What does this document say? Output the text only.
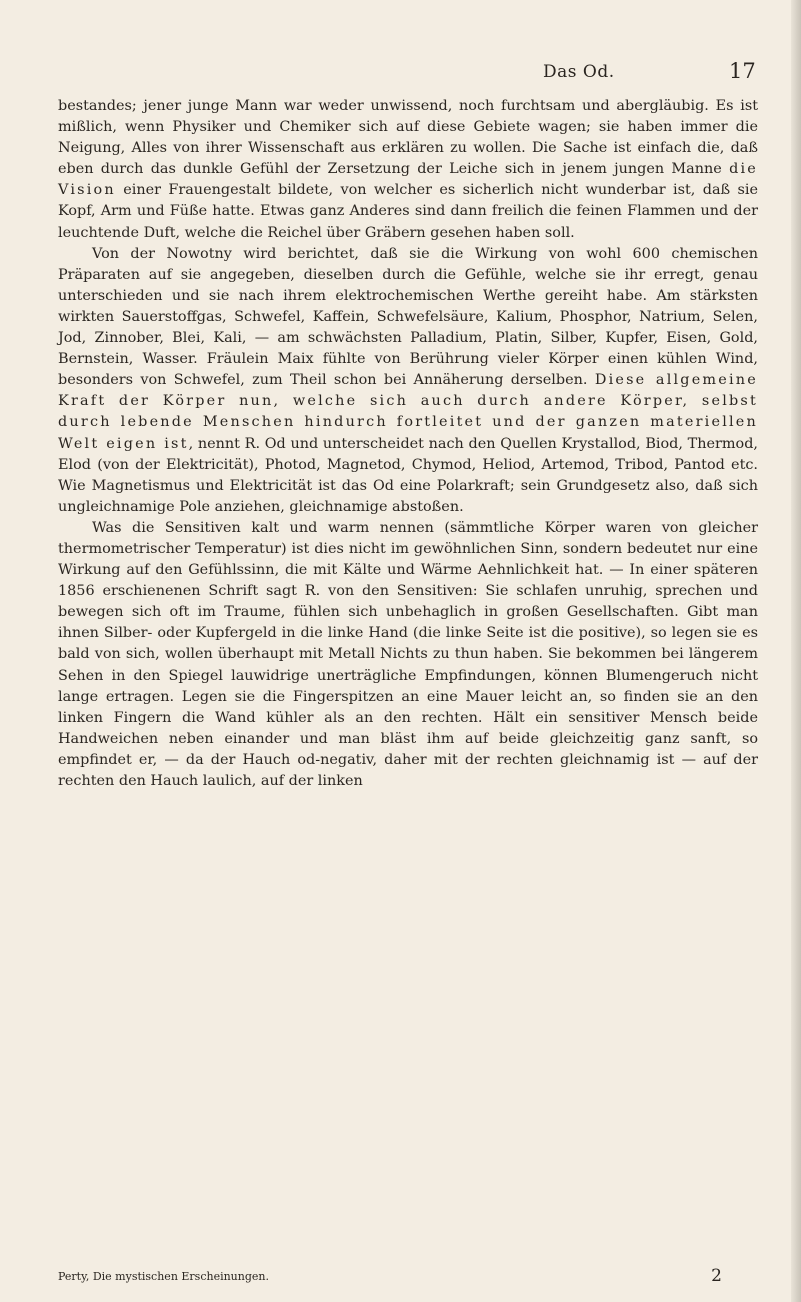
Das Od.	17

bestandes; jener junge Mann war weder unwissend, noch furchtsam und abergläubig. Es ist mißlich, wenn Physiker und Chemiker sich auf diese Gebiete wagen; sie haben immer die Neigung, Alles von ihrer Wissenschaft aus erklären zu wollen. Die Sache ist einfach die, daß eben durch das dunkle Gefühl der Zersetzung der Leiche sich in jenem jungen Manne die Vision einer Frauengestalt bildete, von welcher es sicherlich nicht wunderbar ist, daß sie Kopf, Arm und Füße hatte. Etwas ganz Anderes sind dann freilich die feinen Flammen und der leuchtende Duft, welche die Reichel über Gräbern gesehen haben soll.

Von der Nowotny wird berichtet, daß sie die Wirkung von wohl 600 chemischen Präparaten auf sie angegeben, dieselben durch die Gefühle, welche sie ihr erregt, genau unterschieden und sie nach ihrem elektrochemischen Werthe gereiht habe. Am stärksten wirkten Sauerstoffgas, Schwefel, Kaffein, Schwefelsäure, Kalium, Phosphor, Natrium, Selen, Jod, Zinnober, Blei, Kali, — am schwächsten Palladium, Platin, Silber, Kupfer, Eisen, Gold, Bernstein, Wasser. Fräulein Maix fühlte von Berührung vieler Körper einen kühlen Wind, besonders von Schwefel, zum Theil schon bei Annäherung derselben. Diese allgemeine Kraft der Körper nun, welche sich auch durch andere Körper, selbst durch lebende Menschen hindurch fortleitet und der ganzen materiellen Welt eigen ist, nennt R. Od und unterscheidet nach den Quellen Krystallod, Biod, Thermod, Elod (von der Elektricität), Photod, Magnetod, Chymod, Heliod, Artemod, Tribod, Pantod etc. Wie Magnetismus und Elektricität ist das Od eine Polarkraft; sein Grundgesetz also, daß sich ungleichnamige Pole anziehen, gleichnamige abstoßen.

Was die Sensitiven kalt und warm nennen (sämmtliche Körper waren von gleicher thermometrischer Temperatur) ist dies nicht im gewöhnlichen Sinn, sondern bedeutet nur eine Wirkung auf den Gefühlssinn, die mit Kälte und Wärme Aehnlichkeit hat. — In einer späteren 1856 erschienenen Schrift sagt R. von den Sensitiven: Sie schlafen unruhig, sprechen und bewegen sich oft im Traume, fühlen sich unbehaglich in großen Gesellschaften. Gibt man ihnen Silber- oder Kupfergeld in die linke Hand (die linke Seite ist die positive), so legen sie es bald von sich, wollen überhaupt mit Metall Nichts zu thun haben. Sie bekommen bei längerem Sehen in den Spiegel lauwidrige unerträgliche Empfindungen, können Blumengeruch nicht lange ertragen. Legen sie die Fingerspitzen an eine Mauer leicht an, so finden sie an den linken Fingern die Wand kühler als an den rechten. Hält ein sensitiver Mensch beide Handweichen neben einander und man bläst ihm auf beide gleichzeitig ganz sanft, so empfindet er, — da der Hauch od-negativ, daher mit der rechten gleichnamig ist — auf der rechten den Hauch laulich, auf der linken

Perty, Die mystischen Erscheinungen.	2
